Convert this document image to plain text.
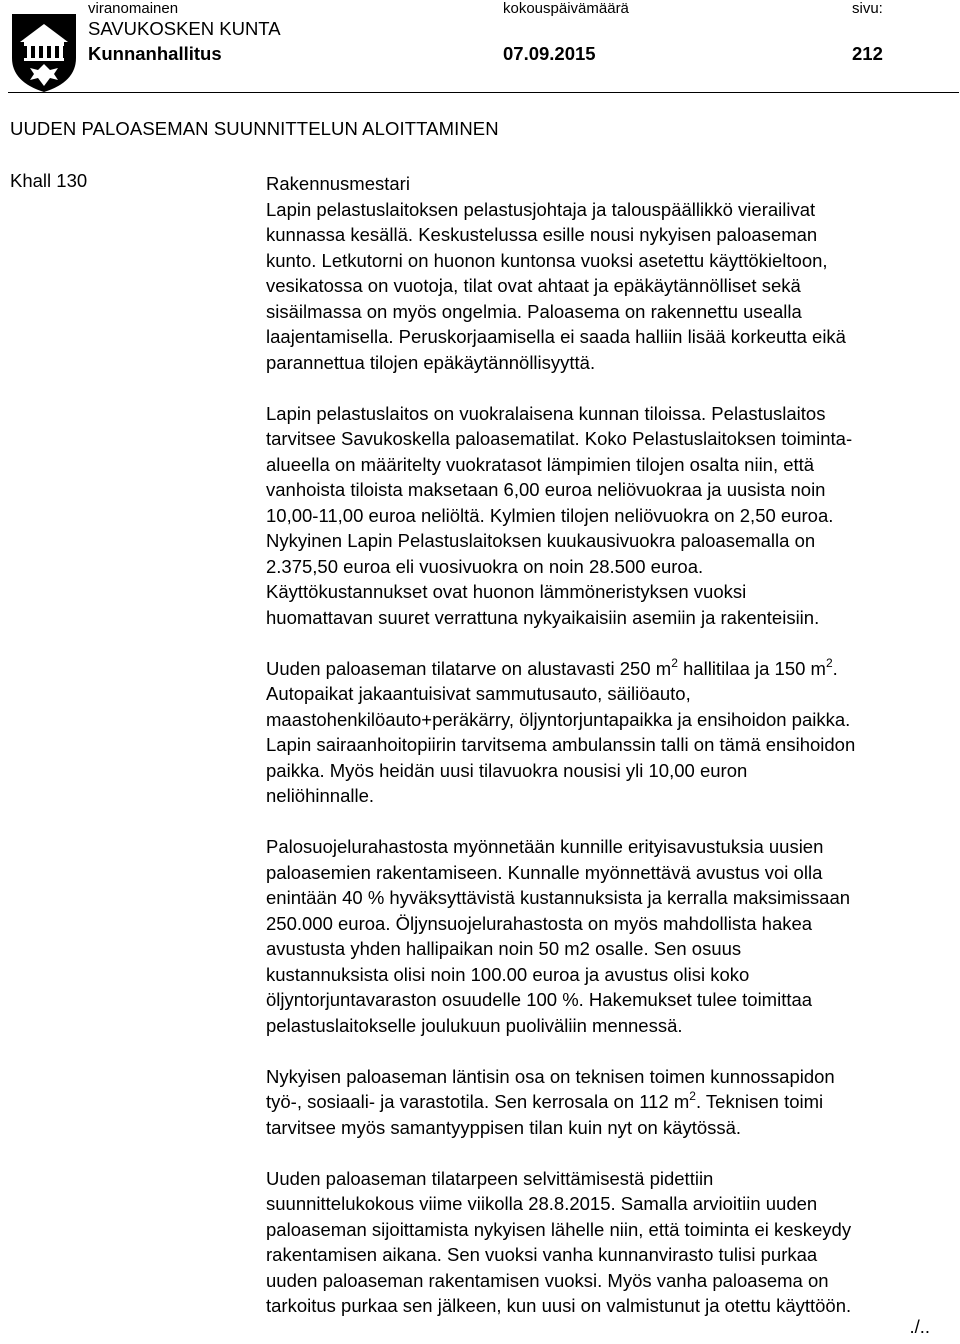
viranomainen	kokouspäivämäärä	sivu:
SAVUKOSKEN KUNTA
Kunnanhallitus	07.09.2015	212
UUDEN PALOASEMAN SUUNNITTELUN ALOITTAMINEN
Khall 130	Rakennusmestari
Lapin pelastuslaitoksen pelastusjohtaja ja talouspäällikkö vierailivat
kunnassa kesällä. Keskustelussa esille nousi nykyisen paloaseman
kunto. Letkutorni on huonon kuntonsa vuoksi asetettu käyttökieltoon,
vesikatossa on vuotoja, tilat ovat ahtaat ja epäkäytännölliset sekä
sisäilmassa on myös ongelmia. Paloasema on rakennettu usealla
laajentamisella. Peruskorjaamisella ei saada halliin lisää korkeutta eikä
parannettua tilojen epäkäytännöllisyyttä.

Lapin pelastuslaitos on vuokralaisena kunnan tiloissa. Pelastuslaitos
tarvitsee Savukoskella paloasematilat. Koko Pelastuslaitoksen toiminta-
alueella on määritelty vuokratasot lämpimien tilojen osalta niin, että
vanhoista tiloista maksetaan 6,00 euroa neliövuokraa ja uusista noin
10,00-11,00 euroa neliöltä. Kylmien tilojen neliövuokra on 2,50 euroa.
Nykyinen Lapin Pelastuslaitoksen kuukausivuokra paloasemalla on
2.375,50 euroa eli vuosivuokra on noin 28.500 euroa.
Käyttökustannukset ovat huonon lämmöneristyksen vuoksi
huomattavan suuret verrattuna nykyaikaisiin asemiin ja rakenteisiin.

Uuden paloaseman tilatarve on alustavasti 250 $m^2$ hallitilaa ja 150 $m^2$.
Autopaikat jakaantuisivat sammutusauto, säiliöauto,
maastohenkilöauto+peräkärry, öljyntorjuntapaikka ja ensihoidon paikka.
Lapin sairaanhoitopiirin tarvitsema ambulanssin talli on tämä ensihoidon
paikka. Myös heidän uusi tilavuokra nousisi yli 10,00 euron
neliöhinnalle.

Palosuojelurahastosta myönnetään kunnille erityisavustuksia uusien
paloasemien rakentamiseen. Kunnalle myönnettävä avustus voi olla
enintään 40 % hyväksyttävistä kustannuksista ja kerralla maksimissaan
250.000 euroa. Öljynsuojelurahastosta on myös mahdollista hakea
avustusta yhden hallipaikan noin 50 m2 osalle. Sen osuus
kustannuksista olisi noin 100.00 euroa ja avustus olisi koko
öljyntorjuntavaraston osuudelle 100 %. Hakemukset tulee toimittaa
pelastuslaitokselle joulukuun puoliväliin mennessä.

Nykyisen paloaseman läntisin osa on teknisen toimen kunnossapidon
työ-, sosiaali- ja varastotila. Sen kerrosala on 112 $m^2$. Teknisen toimi
tarvitsee myös samantyyppisen tilan kuin nyt on käytössä.

Uuden paloaseman tilatarpeen selvittämisestä pidettiin
suunnittelukokous viime viikolla 28.8.2015. Samalla arvioitiin uuden
paloaseman sijoittamista nykyisen lähelle niin, että toiminta ei keskeydy
rakentamisen aikana. Sen vuoksi vanha kunnanvirasto tulisi purkaa
uuden paloaseman rakentamisen vuoksi. Myös vanha paloasema on
tarkoitus purkaa sen jälkeen, kun uusi on valmistunut ja otettu käyttöön.

./..
